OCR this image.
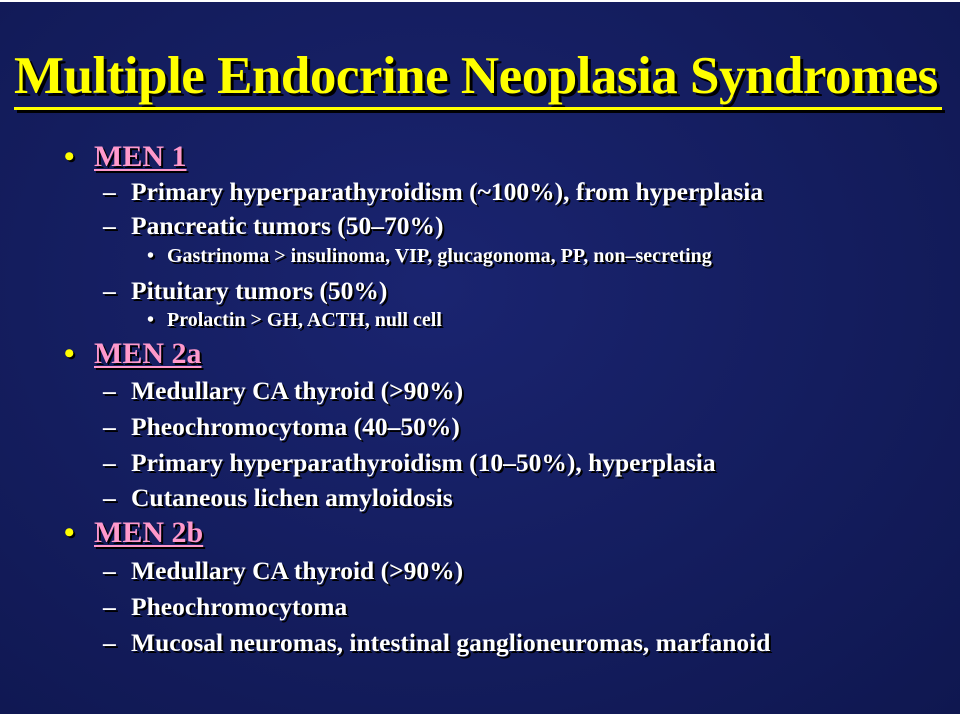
Multiple Endocrine Neoplasia Syndromes
• MEN 1
– Primary hyperparathyroidism (~100%), from hyperplasia
– Pancreatic tumors (50–70%)
• Gastrinoma > insulinoma, VIP, glucagonoma, PP, non–secreting
– Pituitary tumors (50%)
• Prolactin > GH, ACTH, null cell
• MEN 2a
– Medullary CA thyroid (>90%)
– Pheochromocytoma (40–50%)
– Primary hyperparathyroidism (10–50%), hyperplasia
– Cutaneous lichen amyloidosis
• MEN 2b
– Medullary CA thyroid (>90%)
– Pheochromocytoma
– Mucosal neuromas, intestinal ganglioneuromas, marfanoid
